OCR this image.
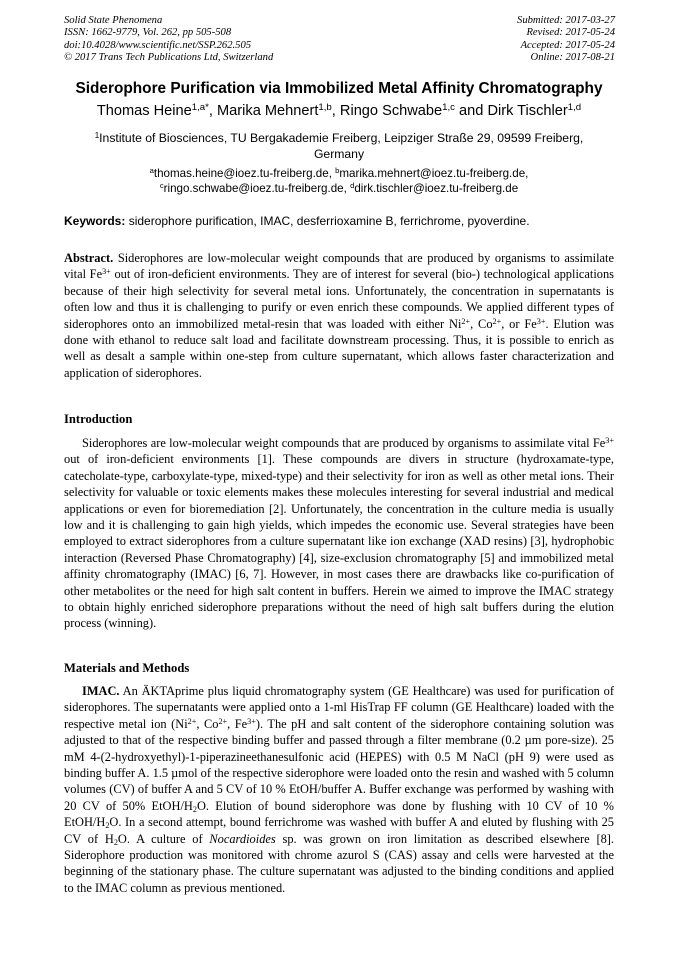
Solid State Phenomena
ISSN: 1662-9779, Vol. 262, pp 505-508
doi:10.4028/www.scientific.net/SSP.262.505
© 2017 Trans Tech Publications Ltd, Switzerland
Submitted: 2017-03-27
Revised: 2017-05-24
Accepted: 2017-05-24
Online: 2017-08-21
Siderophore Purification via Immobilized Metal Affinity Chromatography
Thomas Heine$^{1,a*}$, Marika Mehnert$^{1,b}$, Ringo Schwabe$^{1,c}$ and Dirk Tischler$^{1,d}$
$^1$Institute of Biosciences, TU Bergakademie Freiberg, Leipziger Straße 29, 09599 Freiberg, Germany
$^a$thomas.heine@ioez.tu-freiberg.de, $^b$marika.mehnert@ioez.tu-freiberg.de,
$^c$ringo.schwabe@ioez.tu-freiberg.de, $^d$dirk.tischler@ioez.tu-freiberg.de
Keywords: siderophore purification, IMAC, desferrioxamine B, ferrichrome, pyoverdine.
Abstract. Siderophores are low-molecular weight compounds that are produced by organisms to assimilate vital $Fe^{3+}$ out of iron-deficient environments. They are of interest for several (bio-) technological applications because of their high selectivity for several metal ions. Unfortunately, the concentration in supernatants is often low and thus it is challenging to purify or even enrich these compounds. We applied different types of siderophores onto an immobilized metal-resin that was loaded with either $Ni^{2+}$, $Co^{2+}$, or $Fe^{3+}$. Elution was done with ethanol to reduce salt load and facilitate downstream processing. Thus, it is possible to enrich as well as desalt a sample within one-step from culture supernatant, which allows faster characterization and application of siderophores.
Introduction
Siderophores are low-molecular weight compounds that are produced by organisms to assimilate vital $Fe^{3+}$ out of iron-deficient environments [1]. These compounds are divers in structure (hydroxamate-type, catecholate-type, carboxylate-type, mixed-type) and their selectivity for iron as well as other metal ions. Their selectivity for valuable or toxic elements makes these molecules interesting for several industrial and medical applications or even for bioremediation [2]. Unfortunately, the concentration in the culture media is usually low and it is challenging to gain high yields, which impedes the economic use. Several strategies have been employed to extract siderophores from a culture supernatant like ion exchange (XAD resins) [3], hydrophobic interaction (Reversed Phase Chromatography) [4], size-exclusion chromatography [5] and immobilized metal affinity chromatography (IMAC) [6, 7]. However, in most cases there are drawbacks like co-purification of other metabolites or the need for high salt content in buffers. Herein we aimed to improve the IMAC strategy to obtain highly enriched siderophore preparations without the need of high salt buffers during the elution process (winning).
Materials and Methods
IMAC. An ÄKTAprime plus liquid chromatography system (GE Healthcare) was used for purification of siderophores. The supernatants were applied onto a 1-ml HisTrap FF column (GE Healthcare) loaded with the respective metal ion ($Ni^{2+}$, $Co^{2+}$, $Fe^{3+}$). The pH and salt content of the siderophore containing solution was adjusted to that of the respective binding buffer and passed through a filter membrane (0.2 µm pore-size). 25 mM 4-(2-hydroxyethyl)-1-piperazineethanesulfonic acid (HEPES) with 0.5 M NaCl (pH 9) were used as binding buffer A. 1.5 µmol of the respective siderophore were loaded onto the resin and washed with 5 column volumes (CV) of buffer A and 5 CV of 10 % EtOH/buffer A. Buffer exchange was performed by washing with 20 CV of 50% EtOH/$H_2O$. Elution of bound siderophore was done by flushing with 10 CV of 10 % EtOH/$H_2O$. In a second attempt, bound ferrichrome was washed with buffer A and eluted by flushing with 25 CV of $H_2O$. A culture of Nocardioides sp. was grown on iron limitation as described elsewhere [8]. Siderophore production was monitored with chrome azurol S (CAS) assay and cells were harvested at the beginning of the stationary phase. The culture supernatant was adjusted to the binding conditions and applied to the IMAC column as previous mentioned.
